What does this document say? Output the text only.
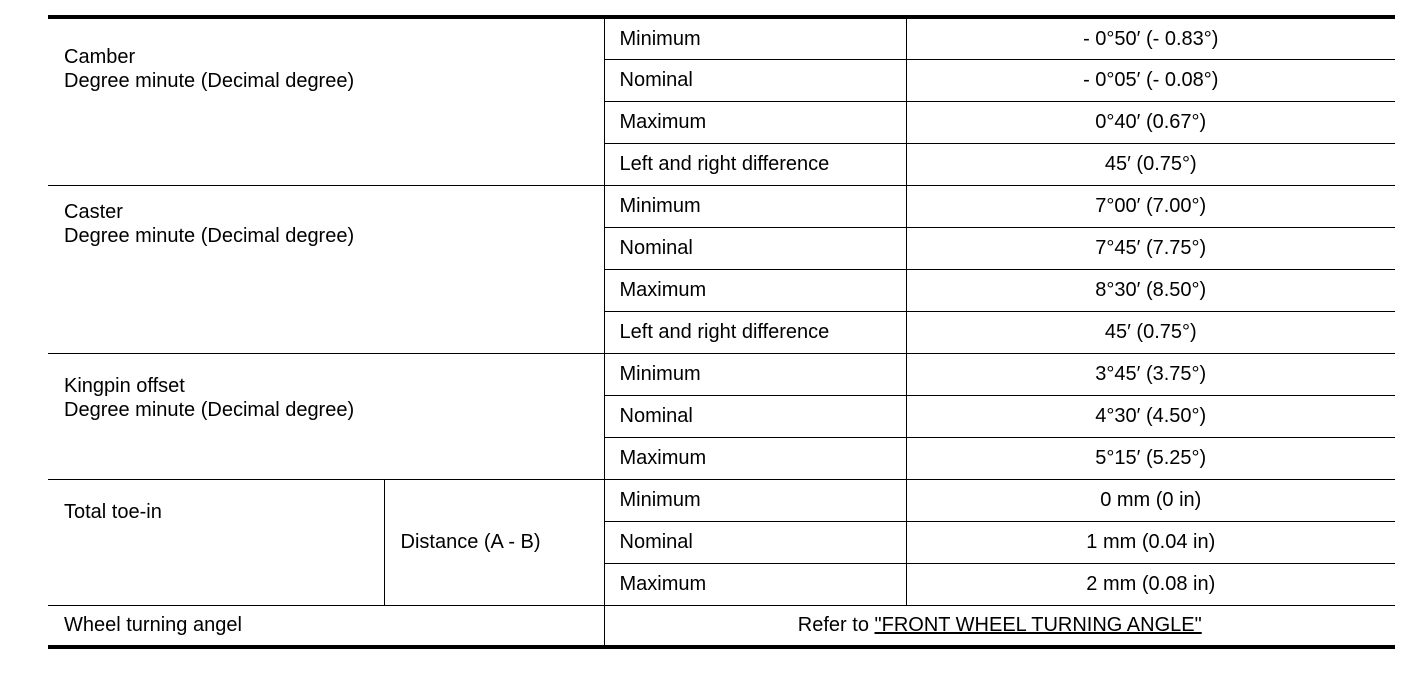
Camber
Degree minute (Decimal degree)		Minimum	- 0°50′ (- 0.83°)
		Nominal	- 0°05′ (- 0.08°)
		Maximum	0°40′ (0.67°)
		Left and right difference	45′ (0.75°)

Caster
Degree minute (Decimal degree)		Minimum	7°00′ (7.00°)
		Nominal	7°45′ (7.75°)
		Maximum	8°30′ (8.50°)
		Left and right difference	45′ (0.75°)

Kingpin offset
Degree minute (Decimal degree)		Minimum	3°45′ (3.75°)
		Nominal	4°30′ (4.50°)
		Maximum	5°15′ (5.25°)
Total toe-in	Distance (A - B)	Minimum	0 mm (0 in)
		Nominal	1 mm (0.04 in)
		Maximum	2 mm (0.08 in)
Wheel turning angel		Refer to "FRONT WHEEL TURNING ANGLE"	
